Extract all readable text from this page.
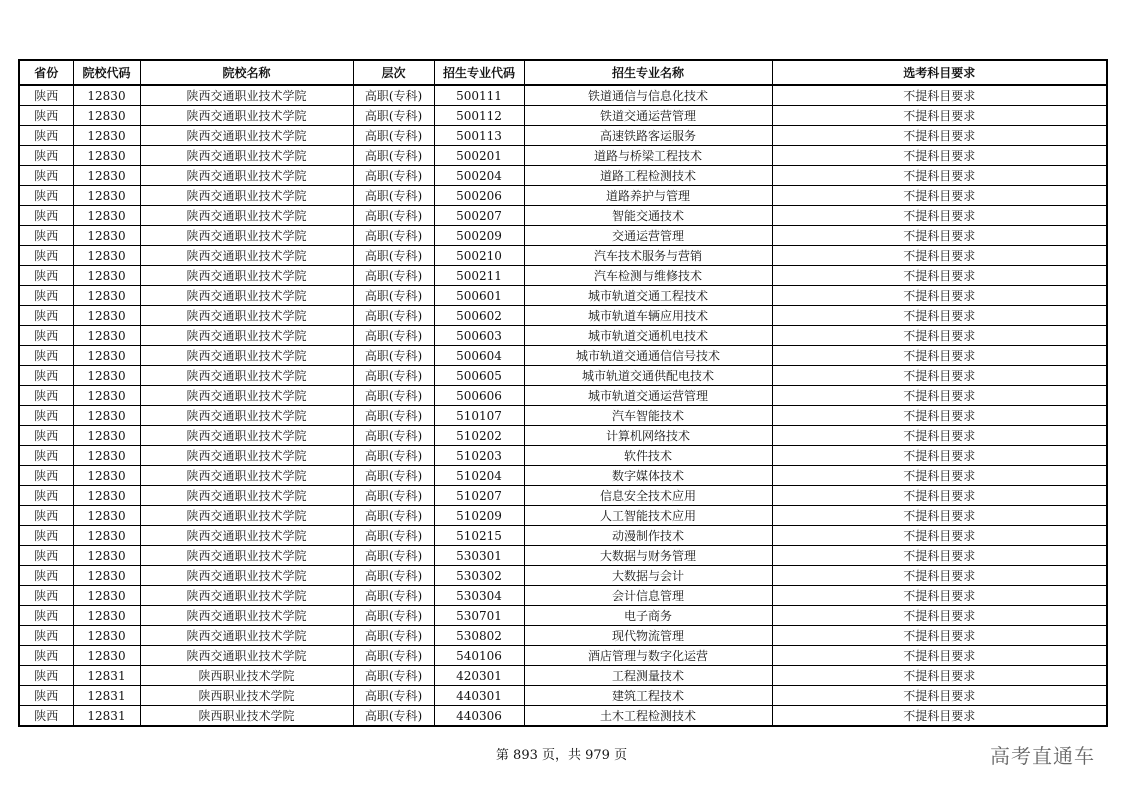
省份	院校代码	院校名称	层次	招生专业代码	招生专业名称	选考科目要求
陕西	12830	陕西交通职业技术学院	高职(专科)	500111	铁道通信与信息化技术	不提科目要求
陕西	12830	陕西交通职业技术学院	高职(专科)	500112	铁道交通运营管理	不提科目要求
陕西	12830	陕西交通职业技术学院	高职(专科)	500113	高速铁路客运服务	不提科目要求
陕西	12830	陕西交通职业技术学院	高职(专科)	500201	道路与桥梁工程技术	不提科目要求
陕西	12830	陕西交通职业技术学院	高职(专科)	500204	道路工程检测技术	不提科目要求
陕西	12830	陕西交通职业技术学院	高职(专科)	500206	道路养护与管理	不提科目要求
陕西	12830	陕西交通职业技术学院	高职(专科)	500207	智能交通技术	不提科目要求
陕西	12830	陕西交通职业技术学院	高职(专科)	500209	交通运营管理	不提科目要求
陕西	12830	陕西交通职业技术学院	高职(专科)	500210	汽车技术服务与营销	不提科目要求
陕西	12830	陕西交通职业技术学院	高职(专科)	500211	汽车检测与维修技术	不提科目要求
陕西	12830	陕西交通职业技术学院	高职(专科)	500601	城市轨道交通工程技术	不提科目要求
陕西	12830	陕西交通职业技术学院	高职(专科)	500602	城市轨道车辆应用技术	不提科目要求
陕西	12830	陕西交通职业技术学院	高职(专科)	500603	城市轨道交通机电技术	不提科目要求
陕西	12830	陕西交通职业技术学院	高职(专科)	500604	城市轨道交通通信信号技术	不提科目要求
陕西	12830	陕西交通职业技术学院	高职(专科)	500605	城市轨道交通供配电技术	不提科目要求
陕西	12830	陕西交通职业技术学院	高职(专科)	500606	城市轨道交通运营管理	不提科目要求
陕西	12830	陕西交通职业技术学院	高职(专科)	510107	汽车智能技术	不提科目要求
陕西	12830	陕西交通职业技术学院	高职(专科)	510202	计算机网络技术	不提科目要求
陕西	12830	陕西交通职业技术学院	高职(专科)	510203	软件技术	不提科目要求
陕西	12830	陕西交通职业技术学院	高职(专科)	510204	数字媒体技术	不提科目要求
陕西	12830	陕西交通职业技术学院	高职(专科)	510207	信息安全技术应用	不提科目要求
陕西	12830	陕西交通职业技术学院	高职(专科)	510209	人工智能技术应用	不提科目要求
陕西	12830	陕西交通职业技术学院	高职(专科)	510215	动漫制作技术	不提科目要求
陕西	12830	陕西交通职业技术学院	高职(专科)	530301	大数据与财务管理	不提科目要求
陕西	12830	陕西交通职业技术学院	高职(专科)	530302	大数据与会计	不提科目要求
陕西	12830	陕西交通职业技术学院	高职(专科)	530304	会计信息管理	不提科目要求
陕西	12830	陕西交通职业技术学院	高职(专科)	530701	电子商务	不提科目要求
陕西	12830	陕西交通职业技术学院	高职(专科)	530802	现代物流管理	不提科目要求
陕西	12830	陕西交通职业技术学院	高职(专科)	540106	酒店管理与数字化运营	不提科目要求
陕西	12831	陕西职业技术学院	高职(专科)	420301	工程测量技术	不提科目要求
陕西	12831	陕西职业技术学院	高职(专科)	440301	建筑工程技术	不提科目要求
陕西	12831	陕西职业技术学院	高职(专科)	440306	土木工程检测技术	不提科目要求
第 893 页，共 979 页	高考直通车
